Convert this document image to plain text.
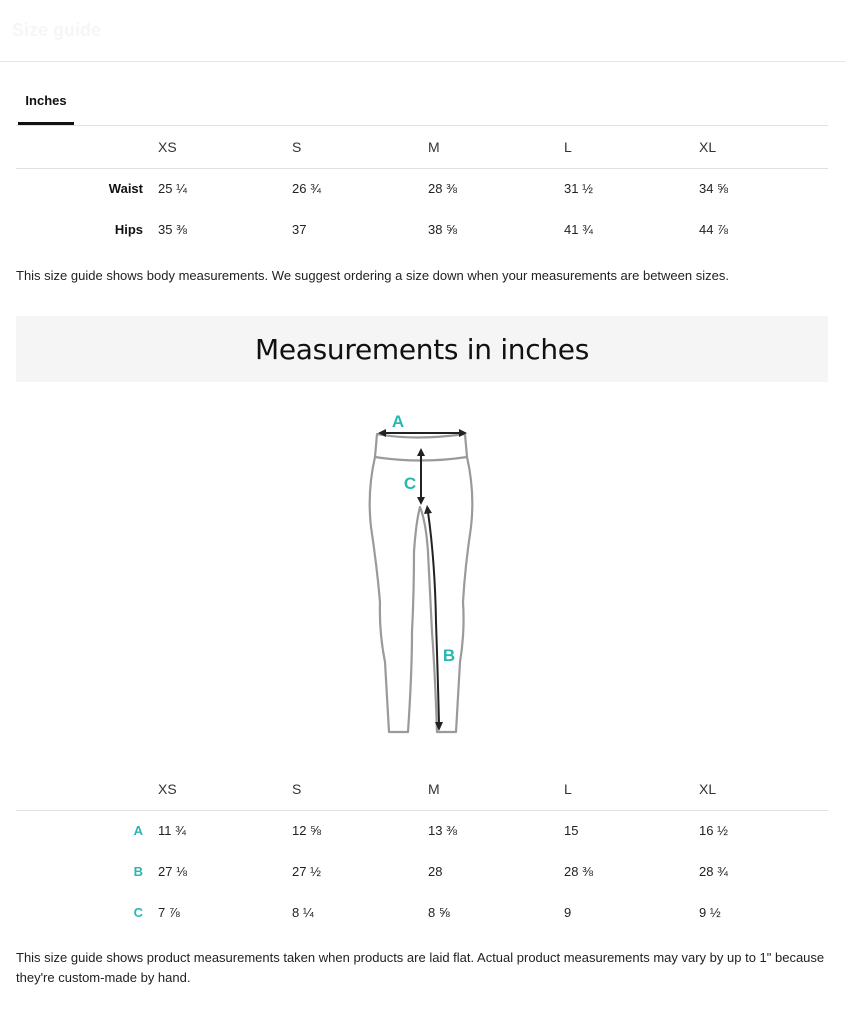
Size guide
Inches
	XS	S	M	L	XL
Waist	25 ¼	26 ¾	28 ⅜	31 ½	34 ⅝
Hips	35 ⅜	37	38 ⅝	41 ¾	44 ⅞

This size guide shows body measurements. We suggest ordering a size down when your measurements are between sizes.

Measurements in inches
A
C
B
	XS	S	M	L	XL
A	11 ¾	12 ⅝	13 ⅜	15	16 ½
B	27 ⅛	27 ½	28	28 ⅜	28 ¾
C	7 ⅞	8 ¼	8 ⅝	9	9 ½

This size guide shows product measurements taken when products are laid flat. Actual product measurements may vary by up to 1" because they're custom-made by hand.
